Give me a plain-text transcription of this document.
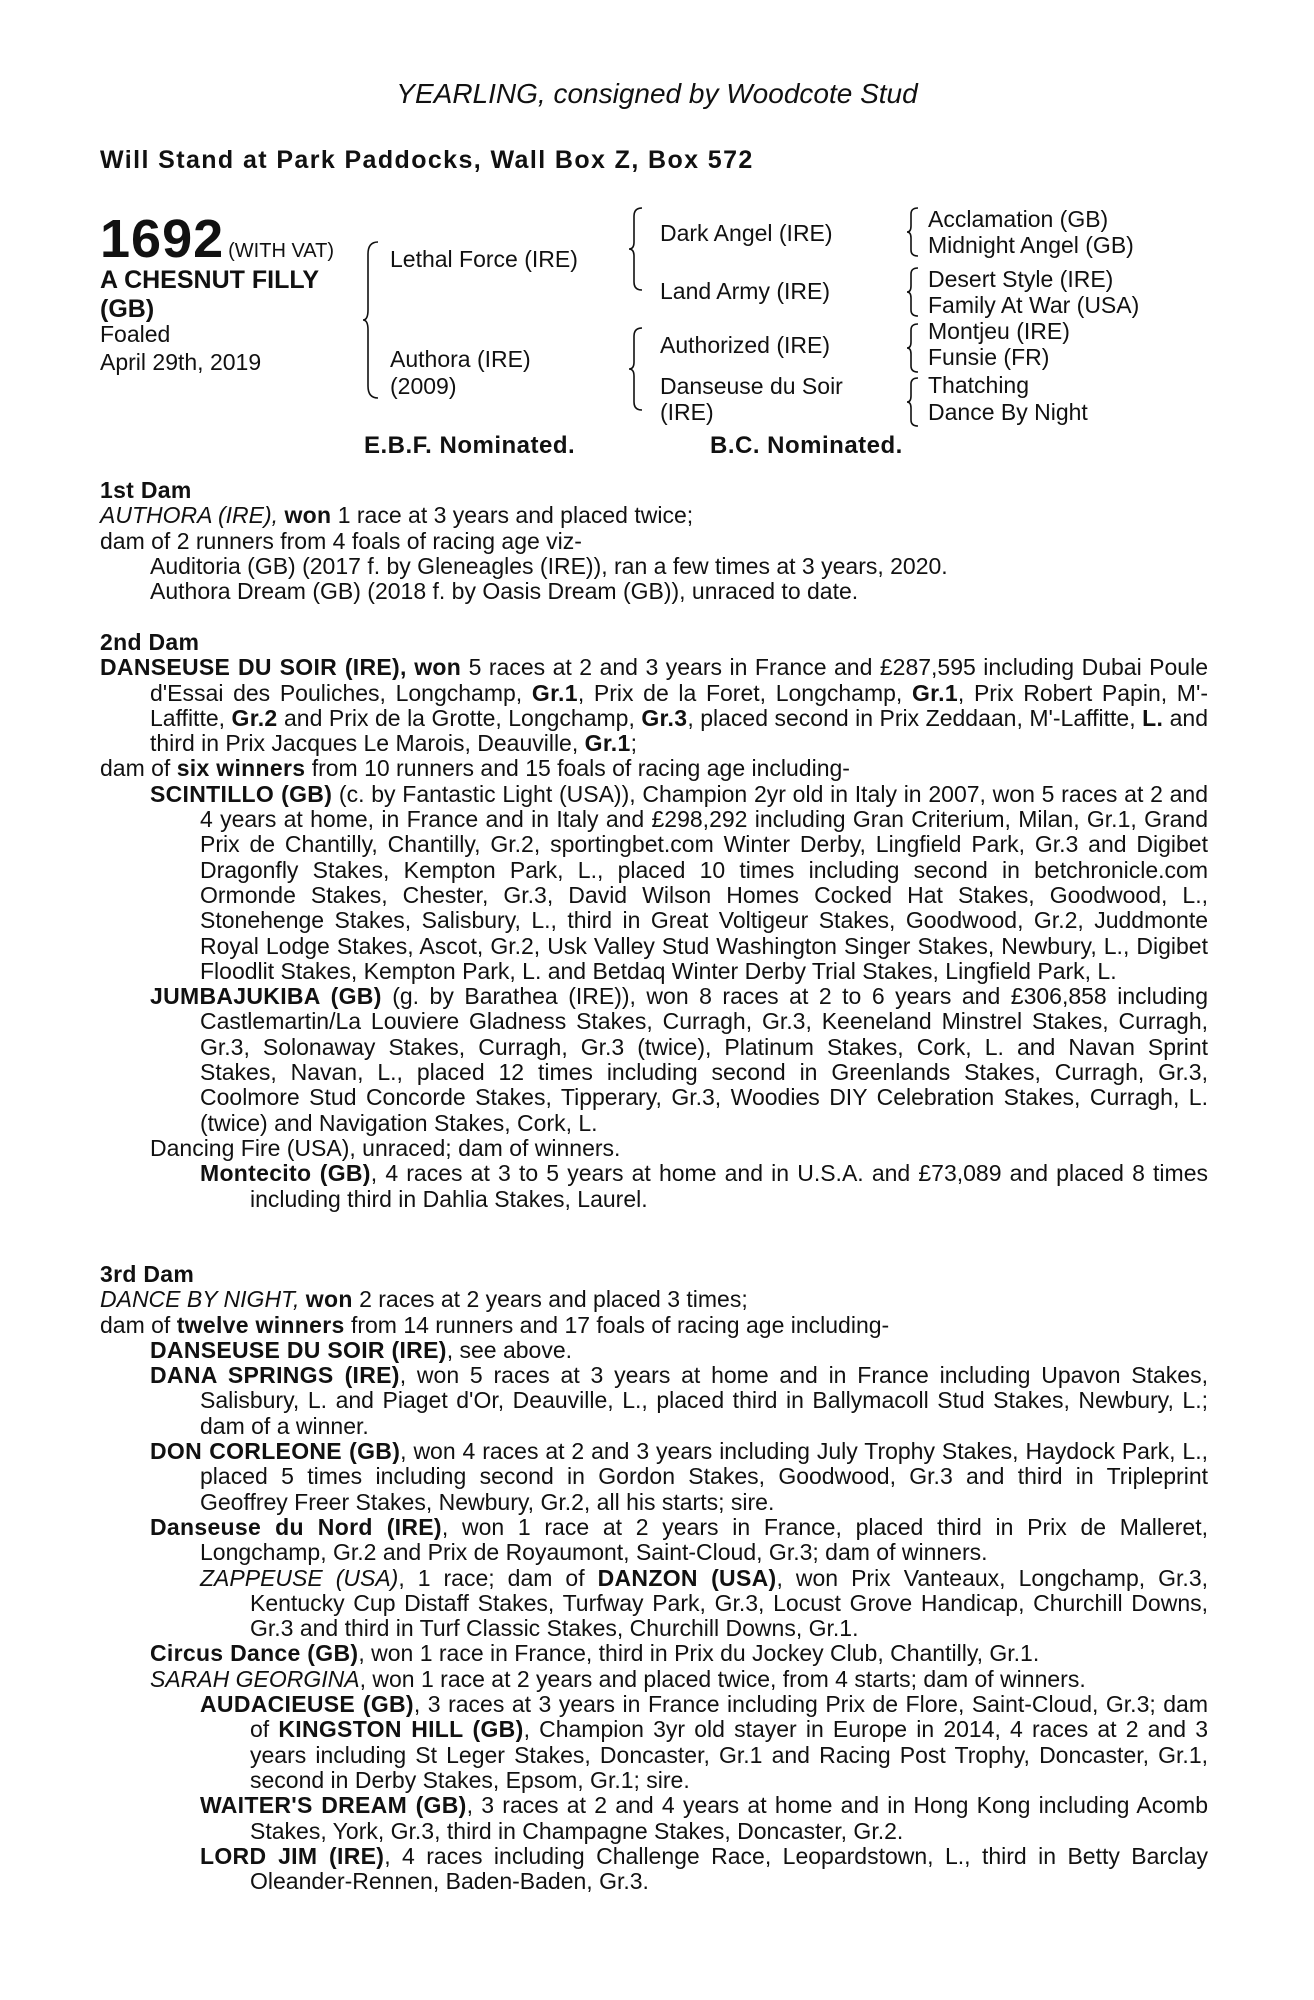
YEARLING, consigned by Woodcote Stud
Will Stand at Park Paddocks, Wall Box Z, Box 572
1692 (WITH VAT)
A CHESNUT FILLY (GB)
Foaled
April 29th, 2019
Lethal Force (IRE)
Authora (IRE)
(2009)
Dark Angel (IRE)
Land Army (IRE)
Authorized (IRE)
Danseuse du Soir
(IRE)
Acclamation (GB)
Midnight Angel (GB)
Desert Style (IRE)
Family At War (USA)
Montjeu (IRE)
Funsie (FR)
Thatching
Dance By Night
E.B.F. Nominated.	B.C. Nominated.
1st Dam
AUTHORA (IRE), won 1 race at 3 years and placed twice;
dam of 2 runners from 4 foals of racing age viz-
Auditoria (GB) (2017 f. by Gleneagles (IRE)), ran a few times at 3 years, 2020.
Authora Dream (GB) (2018 f. by Oasis Dream (GB)), unraced to date.
2nd Dam
DANSEUSE DU SOIR (IRE), won 5 races at 2 and 3 years in France and £287,595 including Dubai Poule d'Essai des Pouliches, Longchamp, Gr.1, Prix de la Foret, Longchamp, Gr.1, Prix Robert Papin, M'-Laffitte, Gr.2 and Prix de la Grotte, Longchamp, Gr.3, placed second in Prix Zeddaan, M'-Laffitte, L. and third in Prix Jacques Le Marois, Deauville, Gr.1;
dam of six winners from 10 runners and 15 foals of racing age including-
SCINTILLO (GB) (c. by Fantastic Light (USA)), Champion 2yr old in Italy in 2007, won 5 races at 2 and 4 years at home, in France and in Italy and £298,292 including Gran Criterium, Milan, Gr.1, Grand Prix de Chantilly, Chantilly, Gr.2, sportingbet.com Winter Derby, Lingfield Park, Gr.3 and Digibet Dragonfly Stakes, Kempton Park, L., placed 10 times including second in betchronicle.com Ormonde Stakes, Chester, Gr.3, David Wilson Homes Cocked Hat Stakes, Goodwood, L., Stonehenge Stakes, Salisbury, L., third in Great Voltigeur Stakes, Goodwood, Gr.2, Juddmonte Royal Lodge Stakes, Ascot, Gr.2, Usk Valley Stud Washington Singer Stakes, Newbury, L., Digibet Floodlit Stakes, Kempton Park, L. and Betdaq Winter Derby Trial Stakes, Lingfield Park, L.
JUMBAJUKIBA (GB) (g. by Barathea (IRE)), won 8 races at 2 to 6 years and £306,858 including Castlemartin/La Louviere Gladness Stakes, Curragh, Gr.3, Keeneland Minstrel Stakes, Curragh, Gr.3, Solonaway Stakes, Curragh, Gr.3 (twice), Platinum Stakes, Cork, L. and Navan Sprint Stakes, Navan, L., placed 12 times including second in Greenlands Stakes, Curragh, Gr.3, Coolmore Stud Concorde Stakes, Tipperary, Gr.3, Woodies DIY Celebration Stakes, Curragh, L. (twice) and Navigation Stakes, Cork, L.
Dancing Fire (USA), unraced; dam of winners.
Montecito (GB), 4 races at 3 to 5 years at home and in U.S.A. and £73,089 and placed 8 times including third in Dahlia Stakes, Laurel.
3rd Dam
DANCE BY NIGHT, won 2 races at 2 years and placed 3 times;
dam of twelve winners from 14 runners and 17 foals of racing age including-
DANSEUSE DU SOIR (IRE), see above.
DANA SPRINGS (IRE), won 5 races at 3 years at home and in France including Upavon Stakes, Salisbury, L. and Piaget d'Or, Deauville, L., placed third in Ballymacoll Stud Stakes, Newbury, L.; dam of a winner.
DON CORLEONE (GB), won 4 races at 2 and 3 years including July Trophy Stakes, Haydock Park, L., placed 5 times including second in Gordon Stakes, Goodwood, Gr.3 and third in Tripleprint Geoffrey Freer Stakes, Newbury, Gr.2, all his starts; sire.
Danseuse du Nord (IRE), won 1 race at 2 years in France, placed third in Prix de Malleret, Longchamp, Gr.2 and Prix de Royaumont, Saint-Cloud, Gr.3; dam of winners.
ZAPPEUSE (USA), 1 race; dam of DANZON (USA), won Prix Vanteaux, Longchamp, Gr.3, Kentucky Cup Distaff Stakes, Turfway Park, Gr.3, Locust Grove Handicap, Churchill Downs, Gr.3 and third in Turf Classic Stakes, Churchill Downs, Gr.1.
Circus Dance (GB), won 1 race in France, third in Prix du Jockey Club, Chantilly, Gr.1.
SARAH GEORGINA, won 1 race at 2 years and placed twice, from 4 starts; dam of winners.
AUDACIEUSE (GB), 3 races at 3 years in France including Prix de Flore, Saint-Cloud, Gr.3; dam of KINGSTON HILL (GB), Champion 3yr old stayer in Europe in 2014, 4 races at 2 and 3 years including St Leger Stakes, Doncaster, Gr.1 and Racing Post Trophy, Doncaster, Gr.1, second in Derby Stakes, Epsom, Gr.1; sire.
WAITER'S DREAM (GB), 3 races at 2 and 4 years at home and in Hong Kong including Acomb Stakes, York, Gr.3, third in Champagne Stakes, Doncaster, Gr.2.
LORD JIM (IRE), 4 races including Challenge Race, Leopardstown, L., third in Betty Barclay Oleander-Rennen, Baden-Baden, Gr.3.
